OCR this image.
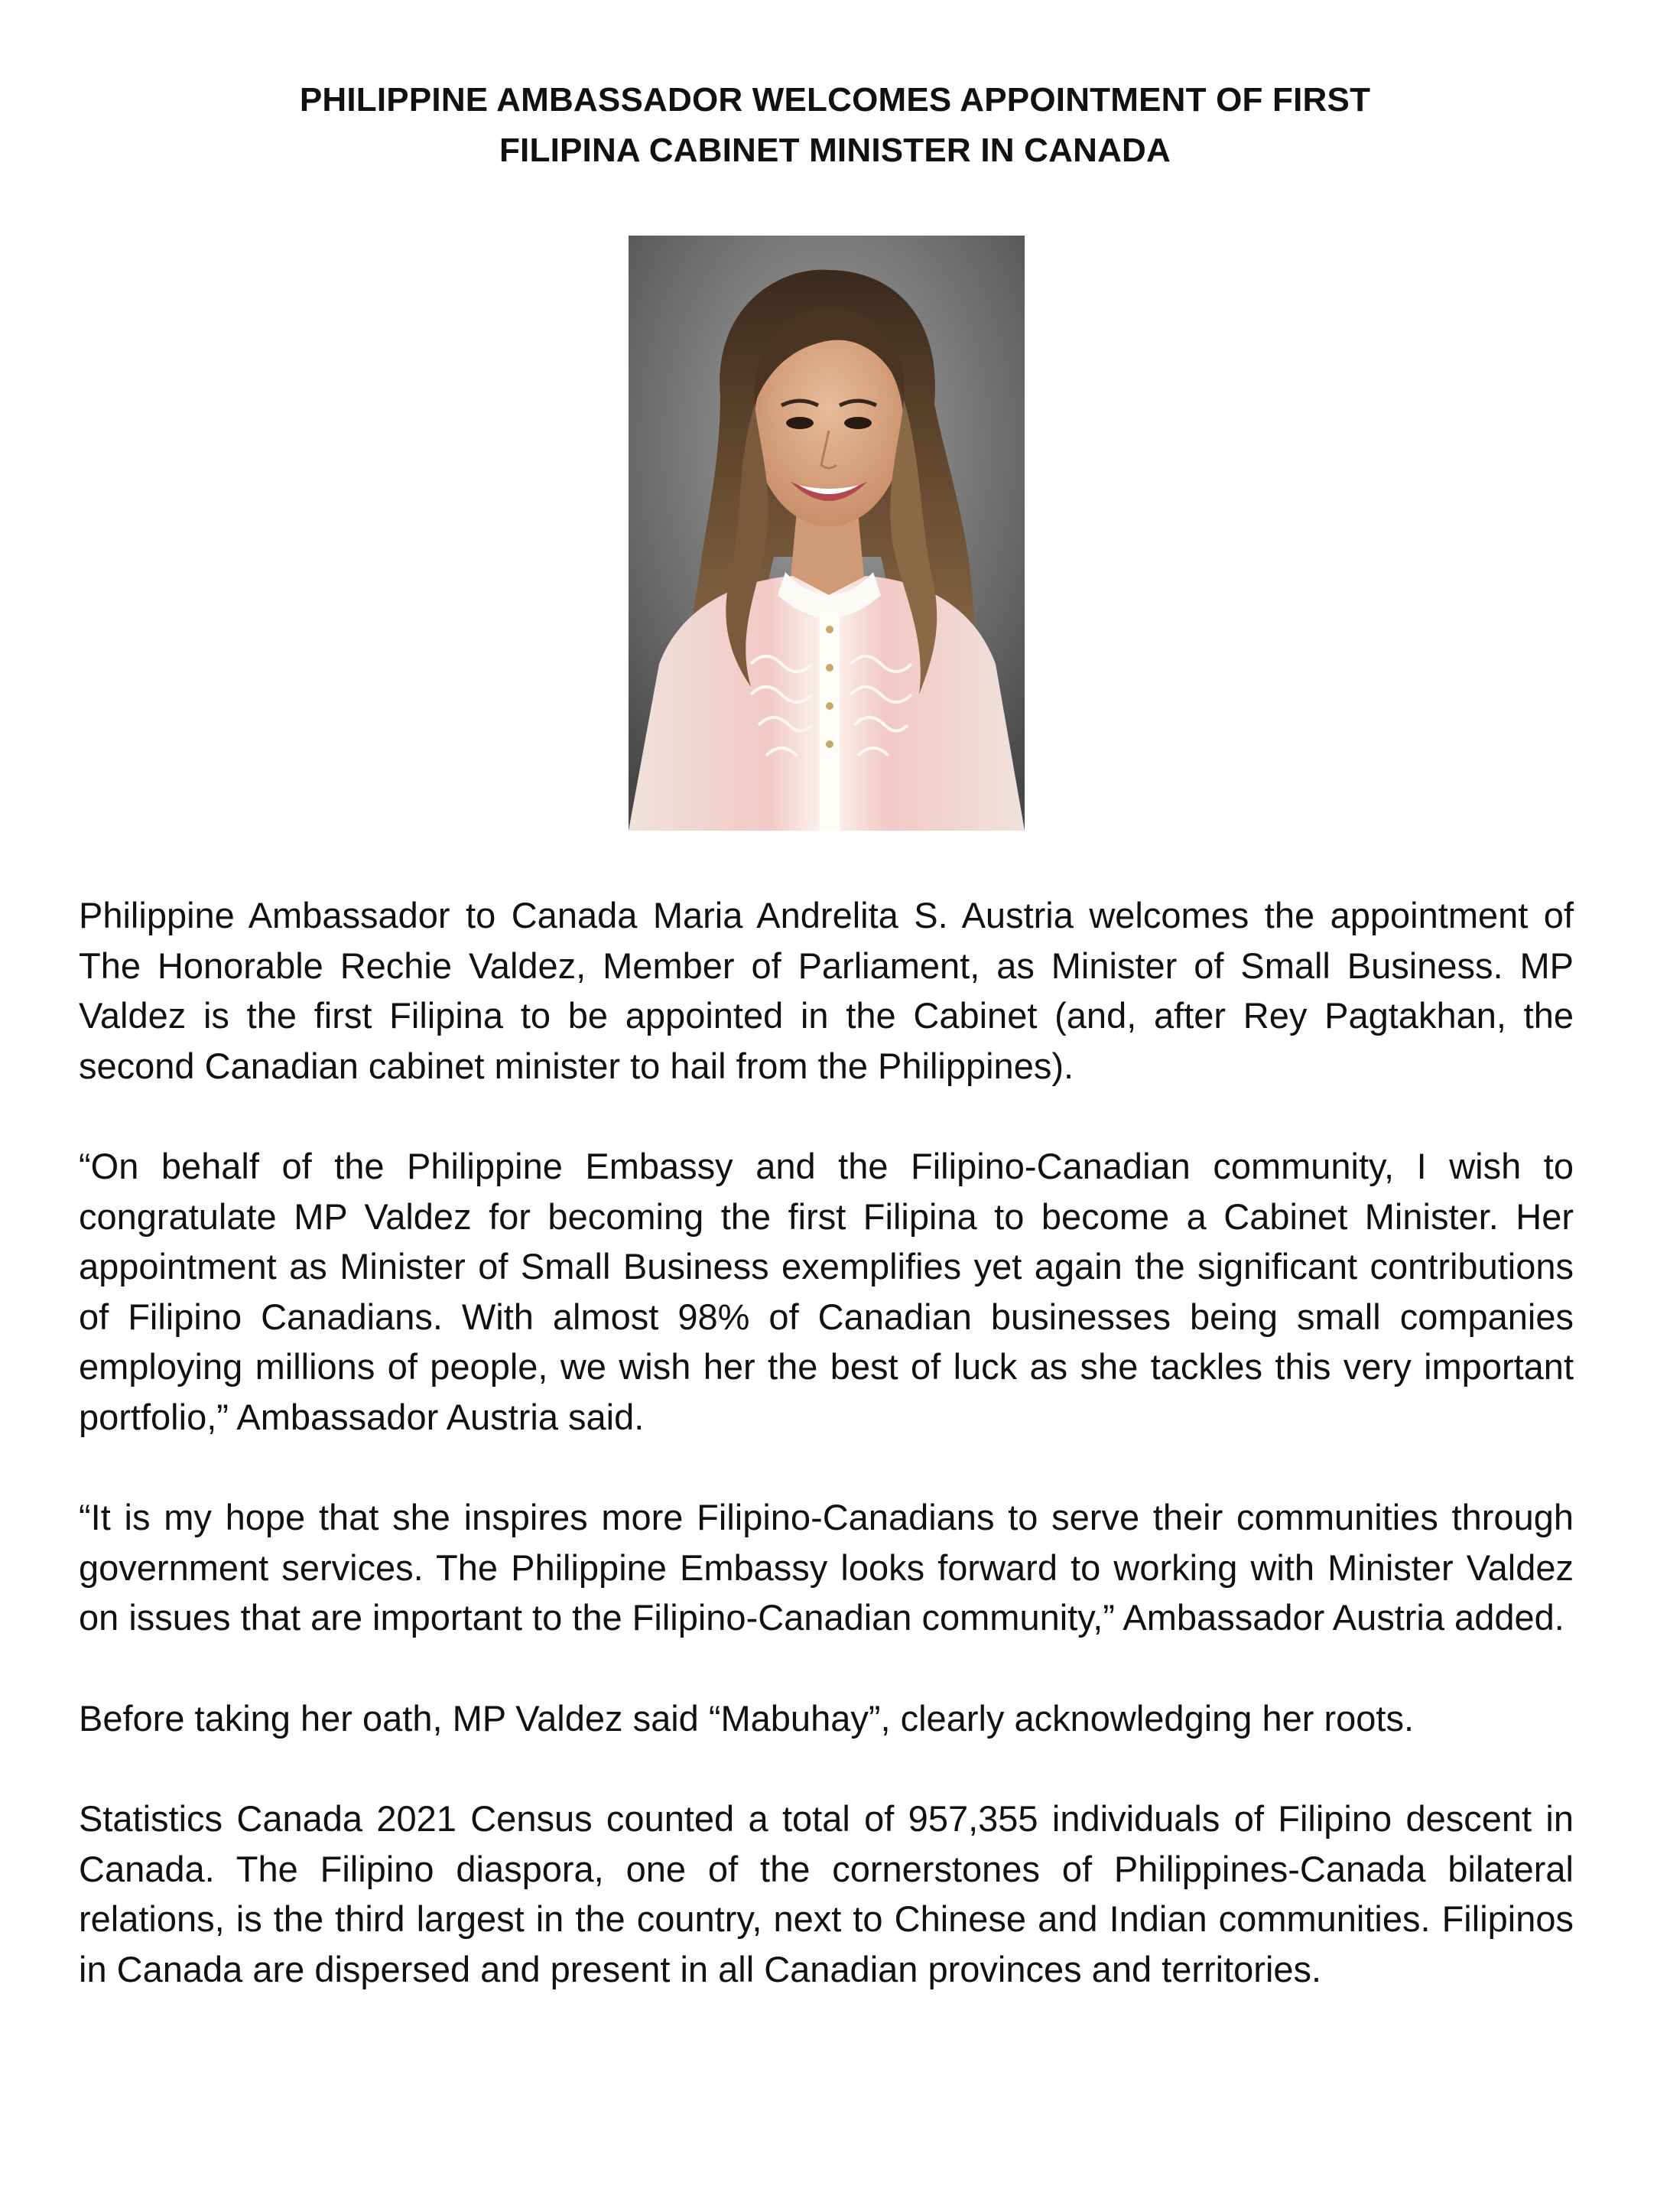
PHILIPPINE AMBASSADOR WELCOMES APPOINTMENT OF FIRST
FILIPINA CABINET MINISTER IN CANADA

Philippine Ambassador to Canada Maria Andrelita S. Austria welcomes the appointment of The Honorable Rechie Valdez, Member of Parliament, as Minister of Small Business. MP Valdez is the first Filipina to be appointed in the Cabinet (and, after Rey Pagtakhan, the second Canadian cabinet minister to hail from the Philippines).

“On behalf of the Philippine Embassy and the Filipino-Canadian community, I wish to congratulate MP Valdez for becoming the first Filipina to become a Cabinet Minister. Her appointment as Minister of Small Business exemplifies yet again the significant contributions of Filipino Canadians. With almost 98% of Canadian businesses being small companies employing millions of people, we wish her the best of luck as she tackles this very important portfolio,” Ambassador Austria said.

“It is my hope that she inspires more Filipino-Canadians to serve their communities through government services. The Philippine Embassy looks forward to working with Minister Valdez on issues that are important to the Filipino-Canadian community,” Ambassador Austria added.

Before taking her oath, MP Valdez said “Mabuhay”, clearly acknowledging her roots.

Statistics Canada 2021 Census counted a total of 957,355 individuals of Filipino descent in Canada. The Filipino diaspora, one of the cornerstones of Philippines-Canada bilateral relations, is the third largest in the country, next to Chinese and Indian communities. Filipinos in Canada are dispersed and present in all Canadian provinces and territories.
